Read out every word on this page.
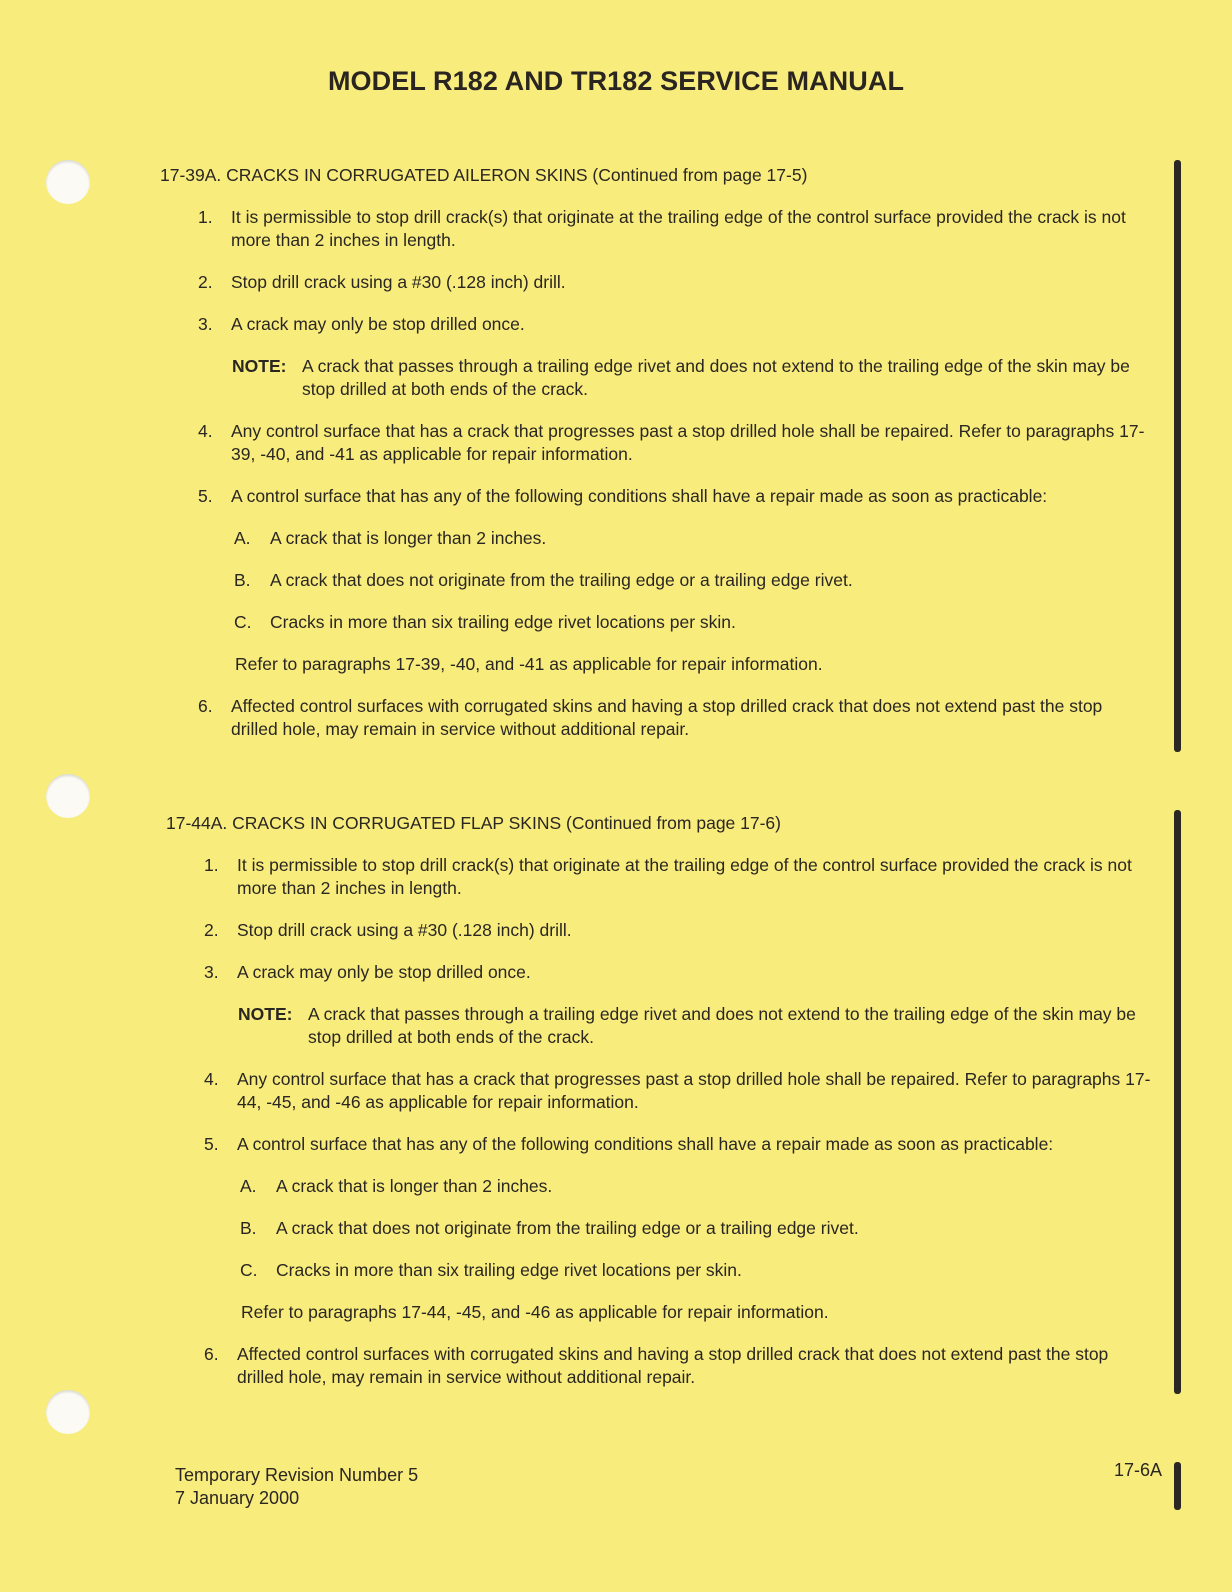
MODEL R182 AND TR182 SERVICE MANUAL
17-39A. CRACKS IN CORRUGATED AILERON SKINS (Continued from page 17-5)
1. It is permissible to stop drill crack(s) that originate at the trailing edge of the control surface provided the crack is not more than 2 inches in length.
2. Stop drill crack using a #30 (.128 inch) drill.
3. A crack may only be stop drilled once.
NOTE: A crack that passes through a trailing edge rivet and does not extend to the trailing edge of the skin may be stop drilled at both ends of the crack.
4. Any control surface that has a crack that progresses past a stop drilled hole shall be repaired. Refer to paragraphs 17-39, -40, and -41 as applicable for repair information.
5. A control surface that has any of the following conditions shall have a repair made as soon as practicable:
A. A crack that is longer than 2 inches.
B. A crack that does not originate from the trailing edge or a trailing edge rivet.
C. Cracks in more than six trailing edge rivet locations per skin.
Refer to paragraphs 17-39, -40, and -41 as applicable for repair information.
6. Affected control surfaces with corrugated skins and having a stop drilled crack that does not extend past the stop drilled hole, may remain in service without additional repair.
17-44A. CRACKS IN CORRUGATED FLAP SKINS (Continued from page 17-6)
1. It is permissible to stop drill crack(s) that originate at the trailing edge of the control surface provided the crack is not more than 2 inches in length.
2. Stop drill crack using a #30 (.128 inch) drill.
3. A crack may only be stop drilled once.
NOTE: A crack that passes through a trailing edge rivet and does not extend to the trailing edge of the skin may be stop drilled at both ends of the crack.
4. Any control surface that has a crack that progresses past a stop drilled hole shall be repaired. Refer to paragraphs 17-44, -45, and -46 as applicable for repair information.
5. A control surface that has any of the following conditions shall have a repair made as soon as practicable:
A. A crack that is longer than 2 inches.
B. A crack that does not originate from the trailing edge or a trailing edge rivet.
C. Cracks in more than six trailing edge rivet locations per skin.
Refer to paragraphs 17-44, -45, and -46 as applicable for repair information.
6. Affected control surfaces with corrugated skins and having a stop drilled crack that does not extend past the stop drilled hole, may remain in service without additional repair.
Temporary Revision Number 5
7 January 2000
17-6A
